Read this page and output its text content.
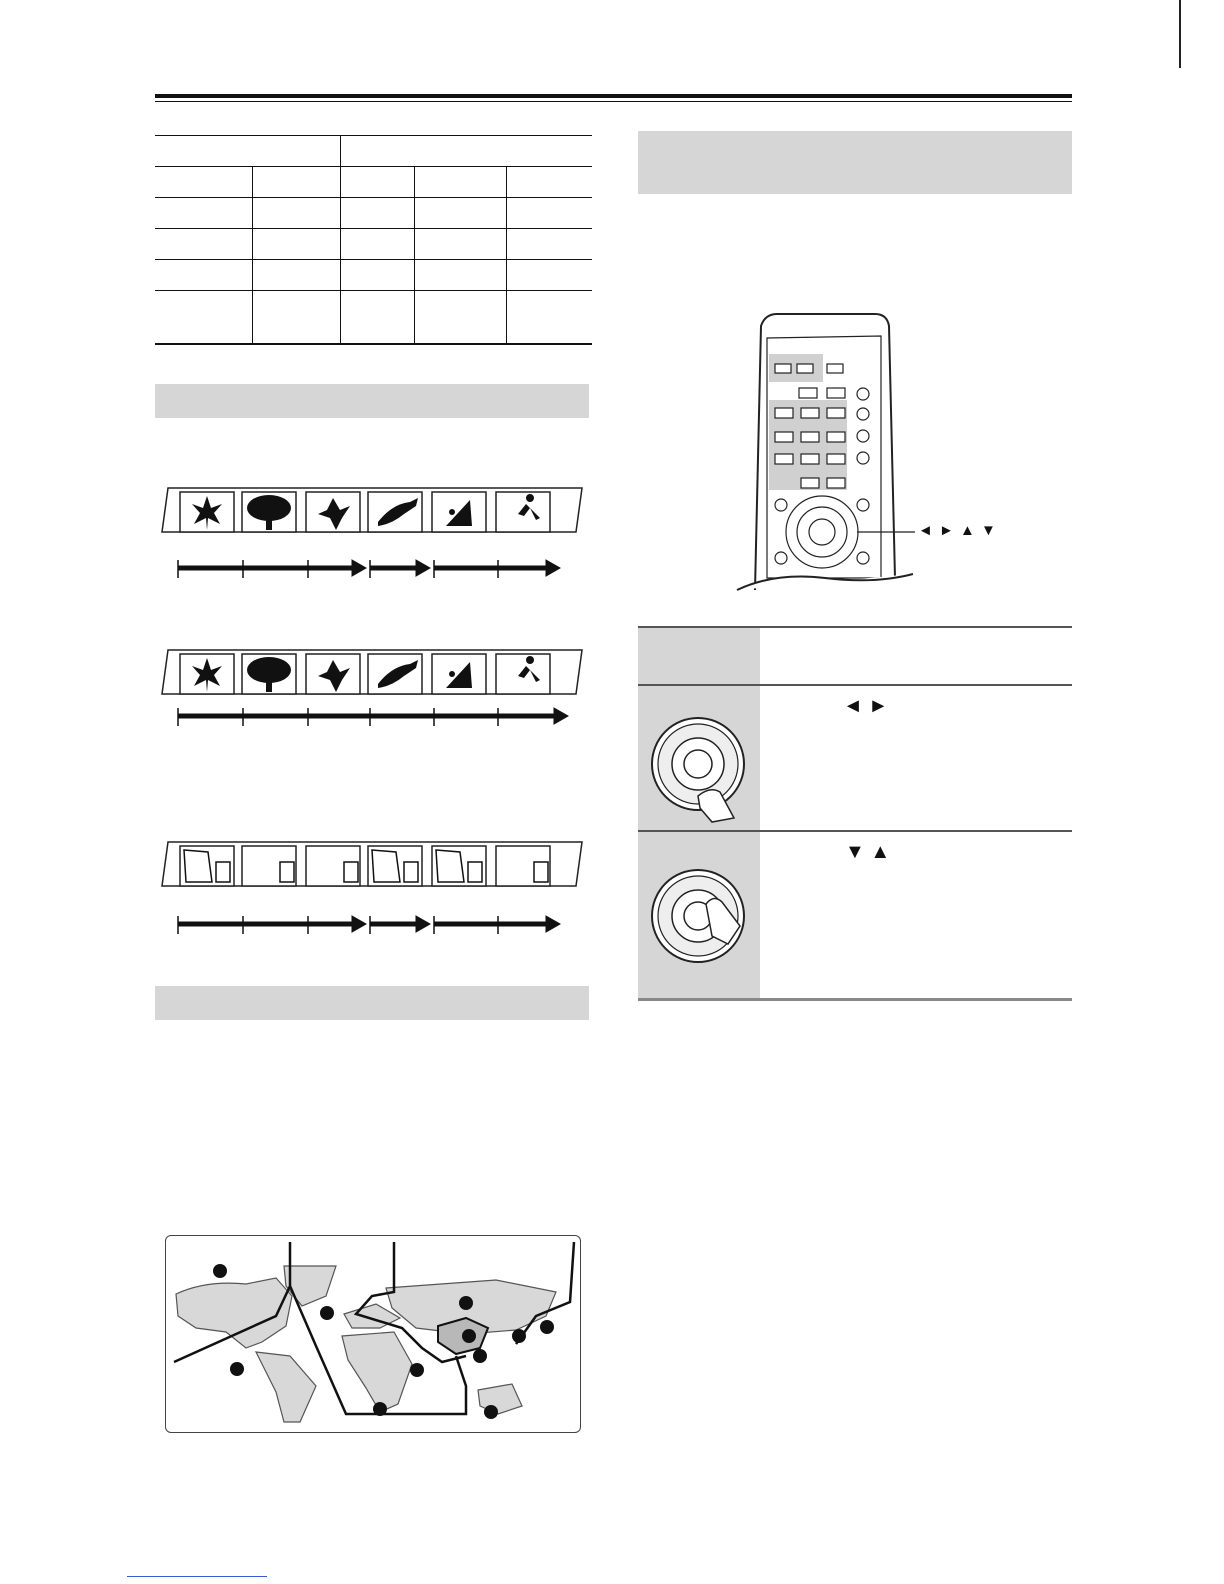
◄ ► ▲ ▼
◄ ►
▼ ▲
